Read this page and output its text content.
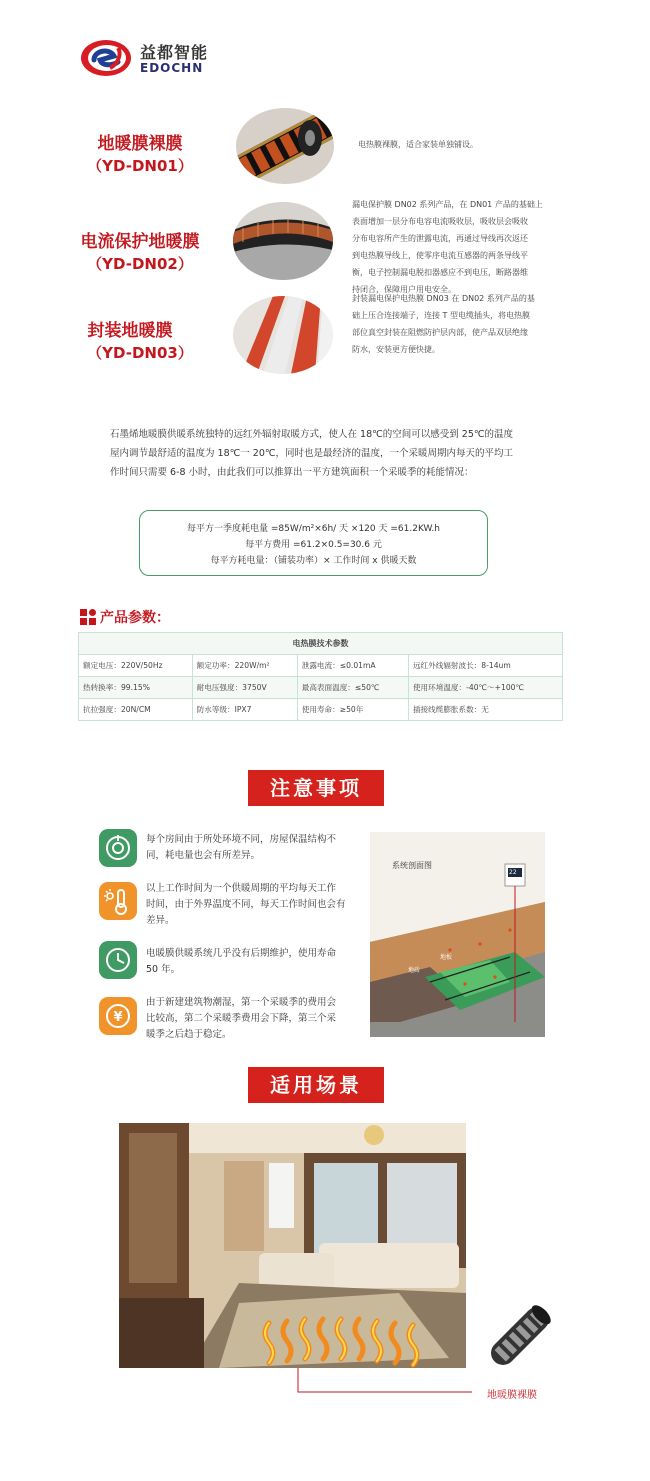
益都智能
EDOCHN
地暖膜裸膜
（YD-DN01）
电热膜裸膜，适合家装单独铺设。
电流保护地暖膜
（YD-DN02）
漏电保护膜 DN02 系列产品，在 DN01 产品的基础上
表面增加一层分布电容电流吸收层，吸收层会吸收
分布电容所产生的泄露电流，再通过导线再次返还
到电热膜导线上，使零序电流互感器的两条导线平
衡，电子控制漏电脱扣器感应不到电压，断路器维
持闭合，保障用户用电安全。
封装地暖膜
（YD-DN03）
封装漏电保护电热膜 DN03 在 DN02 系列产品的基
础上压合连接端子，连接 T 型电缆插头，将电热膜
部位真空封装在阻燃防护层内部，使产品双层绝缘
防水，安装更方便快捷。
石墨烯地暖膜供暖系统独特的远红外辐射取暖方式，使人在 18℃的空间可以感受到 25℃的温度
屋内调节最舒适的温度为 18℃一 20℃，同时也是最经济的温度，一个采暖周期内每天的平均工
作时间只需要 6-8 小时，由此我们可以推算出一平方建筑面积一个采暖季的耗能情况：
每平方一季度耗电量 =85W/m²×6h/ 天 ×120 天 =61.2KW.h
每平方费用 =61.2×0.5=30.6 元
每平方耗电量：（铺装功率）× 工作时间 x 供暖天数
产品参数：
电热膜技术参数			
额定电压：220V/50Hz	额定功率：220W/m²	泄露电流：≤0.01mA	远红外线辐射波长：8-14um
热转换率：99.15%	耐电压强度：3750V	最高表面温度：≤50℃	使用环境温度：-40℃～+100℃
抗拉强度：20N/CM	防水等级：IPX7	使用寿命：≥50年	插接线缆膨胀系数：无
注意事项
每个房间由于所处环境不同，房屋保温结构不
同，耗电量也会有所差异。
以上工作时间为一个供暖周期的平均每天工作
时间，由于外界温度不同，每天工作时间也会有
差异。
电暖膜供暖系统几乎没有后期维护，使用寿命
50 年。
¥
由于新建建筑物潮湿，第一个采暖季的费用会
比较高，第二个采暖季费用会下降，第三个采
暖季之后趋于稳定。
系统剖面图
22
地砖
地板
适用场景
地暖膜裸膜
